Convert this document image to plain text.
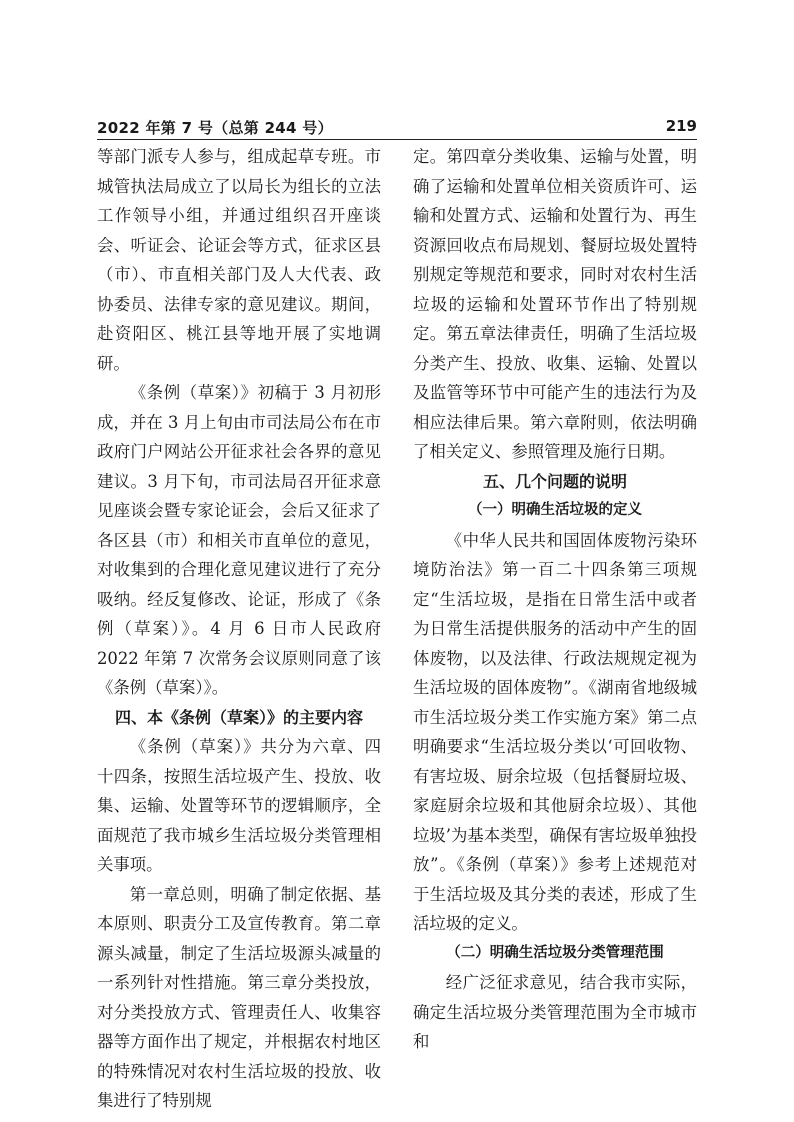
2022 年第 7 号（总第 244 号）	219

等部门派专人参与，组成起草专班。市城管执法局成立了以局长为组长的立法工作领导小组，并通过组织召开座谈会、听证会、论证会等方式，征求区县（市）、市直相关部门及人大代表、政协委员、法律专家的意见建议。期间，赴资阳区、桃江县等地开展了实地调研。

《条例（草案）》初稿于 3 月初形成，并在 3 月上旬由市司法局公布在市政府门户网站公开征求社会各界的意见建议。3 月下旬，市司法局召开征求意见座谈会暨专家论证会，会后又征求了各区县（市）和相关市直单位的意见，对收集到的合理化意见建议进行了充分吸纳。经反复修改、论证，形成了《条例（草案）》。4 月 6 日市人民政府 2022 年第 7 次常务会议原则同意了该《条例（草案）》。

四、本《条例（草案）》的主要内容

《条例（草案）》共分为六章、四十四条，按照生活垃圾产生、投放、收集、运输、处置等环节的逻辑顺序，全面规范了我市城乡生活垃圾分类管理相关事项。

第一章总则，明确了制定依据、基本原则、职责分工及宣传教育。第二章源头减量，制定了生活垃圾源头减量的一系列针对性措施。第三章分类投放，对分类投放方式、管理责任人、收集容器等方面作出了规定，并根据农村地区的特殊情况对农村生活垃圾的投放、收集进行了特别规

定。第四章分类收集、运输与处置，明确了运输和处置单位相关资质许可、运输和处置方式、运输和处置行为、再生资源回收点布局规划、餐厨垃圾处置特别规定等规范和要求，同时对农村生活垃圾的运输和处置环节作出了特别规定。第五章法律责任，明确了生活垃圾分类产生、投放、收集、运输、处置以及监管等环节中可能产生的违法行为及相应法律后果。第六章附则，依法明确了相关定义、参照管理及施行日期。

五、几个问题的说明
（一）明确生活垃圾的定义

《中华人民共和国固体废物污染环境防治法》第一百二十四条第三项规定“生活垃圾，是指在日常生活中或者为日常生活提供服务的活动中产生的固体废物，以及法律、行政法规规定视为生活垃圾的固体废物”。《湖南省地级城市生活垃圾分类工作实施方案》第二点明确要求“生活垃圾分类以‘可回收物、有害垃圾、厨余垃圾（包括餐厨垃圾、家庭厨余垃圾和其他厨余垃圾）、其他垃圾’为基本类型，确保有害垃圾单独投放”。《条例（草案）》参考上述规范对于生活垃圾及其分类的表述，形成了生活垃圾的定义。

（二）明确生活垃圾分类管理范围

经广泛征求意见，结合我市实际，确定生活垃圾分类管理范围为全市城市和
